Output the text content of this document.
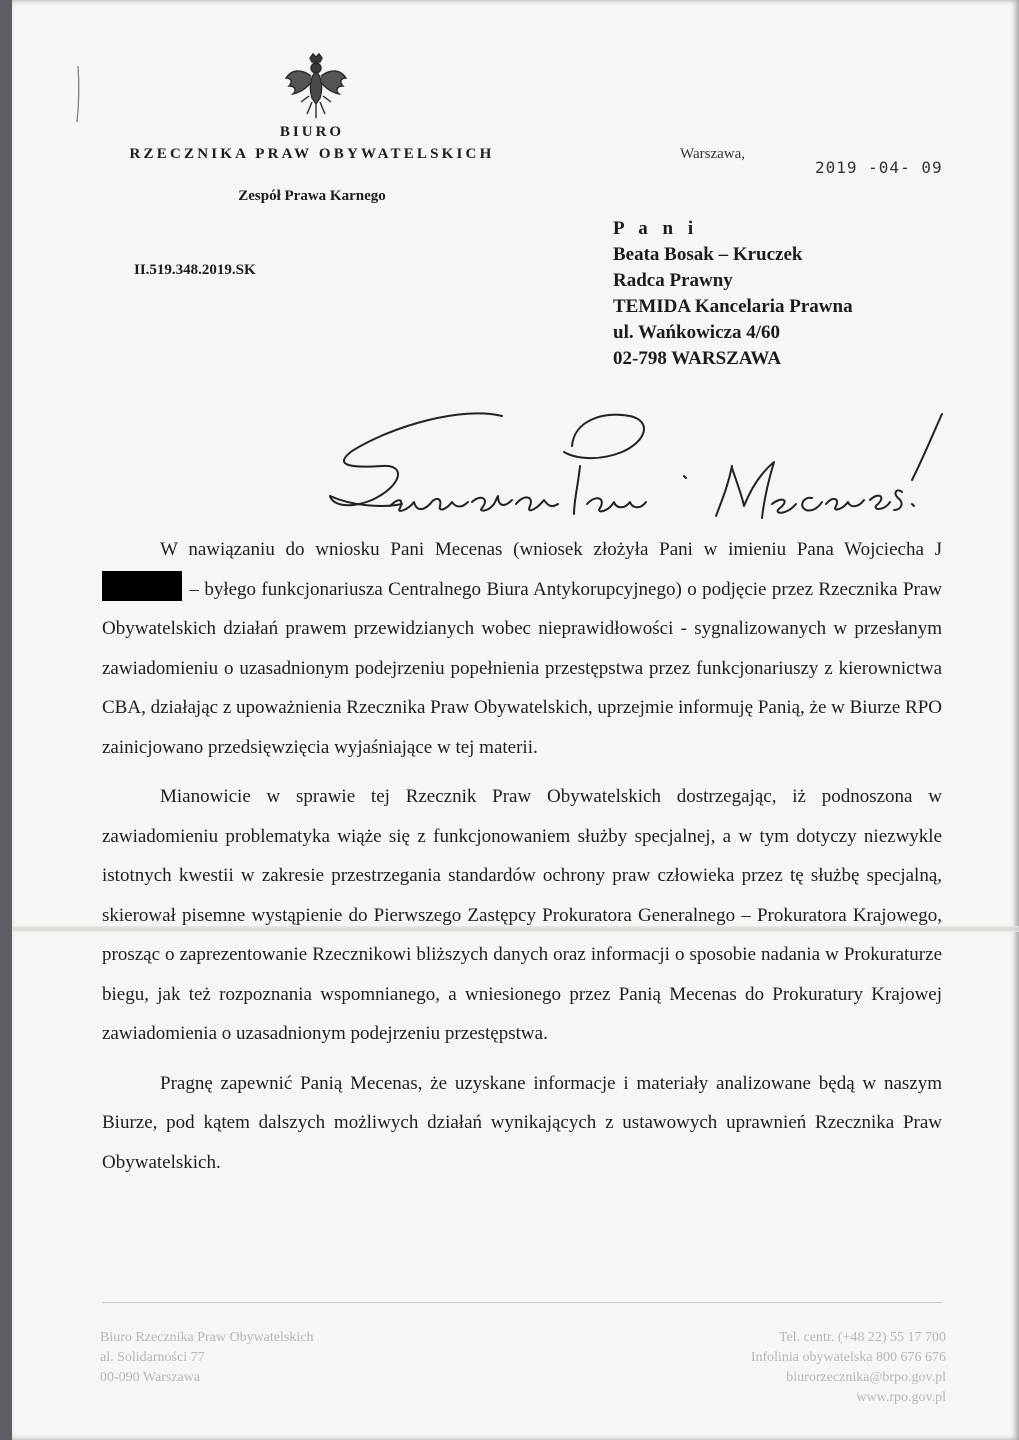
BIURO
RZECZNIKA PRAW OBYWATELSKICH
Zespół Prawa Karnego
II.519.348.2019.SK
Warszawa,
2019 -04- 09
P a n i
Beata Bosak – Kruczek
Radca Prawny
TEMIDA Kancelaria Prawna
ul. Wańkowicza 4/60
02-798 WARSZAWA

W nawiązaniu do wniosku Pani Mecenas (wniosek złożyła Pani w imieniu Pana Wojciecha J – byłego funkcjonariusza Centralnego Biura Antykorupcyjnego) o podjęcie przez Rzecznika Praw Obywatelskich działań prawem przewidzianych wobec nieprawidłowości - sygnalizowanych w przesłanym zawiadomieniu o uzasadnionym podejrzeniu popełnienia przestępstwa przez funkcjonariuszy z kierownictwa CBA, działając z upoważnienia Rzecznika Praw Obywatelskich, uprzejmie informuję Panią, że w Biurze RPO zainicjowano przedsięwzięcia wyjaśniające w tej materii.

Mianowicie w sprawie tej Rzecznik Praw Obywatelskich dostrzegając, iż podnoszona w zawiadomieniu problematyka wiąże się z funkcjonowaniem służby specjalnej, a w tym dotyczy niezwykle istotnych kwestii w zakresie przestrzegania standardów ochrony praw człowieka przez tę służbę specjalną, skierował pisemne wystąpienie do Pierwszego Zastępcy Prokuratora Generalnego – Prokuratora Krajowego, prosząc o zaprezentowanie Rzecznikowi bliższych danych oraz informacji o sposobie nadania w Prokuraturze biegu, jak też rozpoznania wspomnianego, a wniesionego przez Panią Mecenas do Prokuratury Krajowej zawiadomienia o uzasadnionym podejrzeniu przestępstwa.

Pragnę zapewnić Panią Mecenas, że uzyskane informacje i materiały analizowane będą w naszym Biurze, pod kątem dalszych możliwych działań wynikających z ustawowych uprawnień Rzecznika Praw Obywatelskich.

Biuro Rzecznika Praw Obywatelskich
al. Solidarności 77
00-090 Warszawa
Tel. centr. (+48 22) 55 17 700
Infolinia obywatelska 800 676 676
biurorzecznika@brpo.gov.pl
www.rpo.gov.pl
